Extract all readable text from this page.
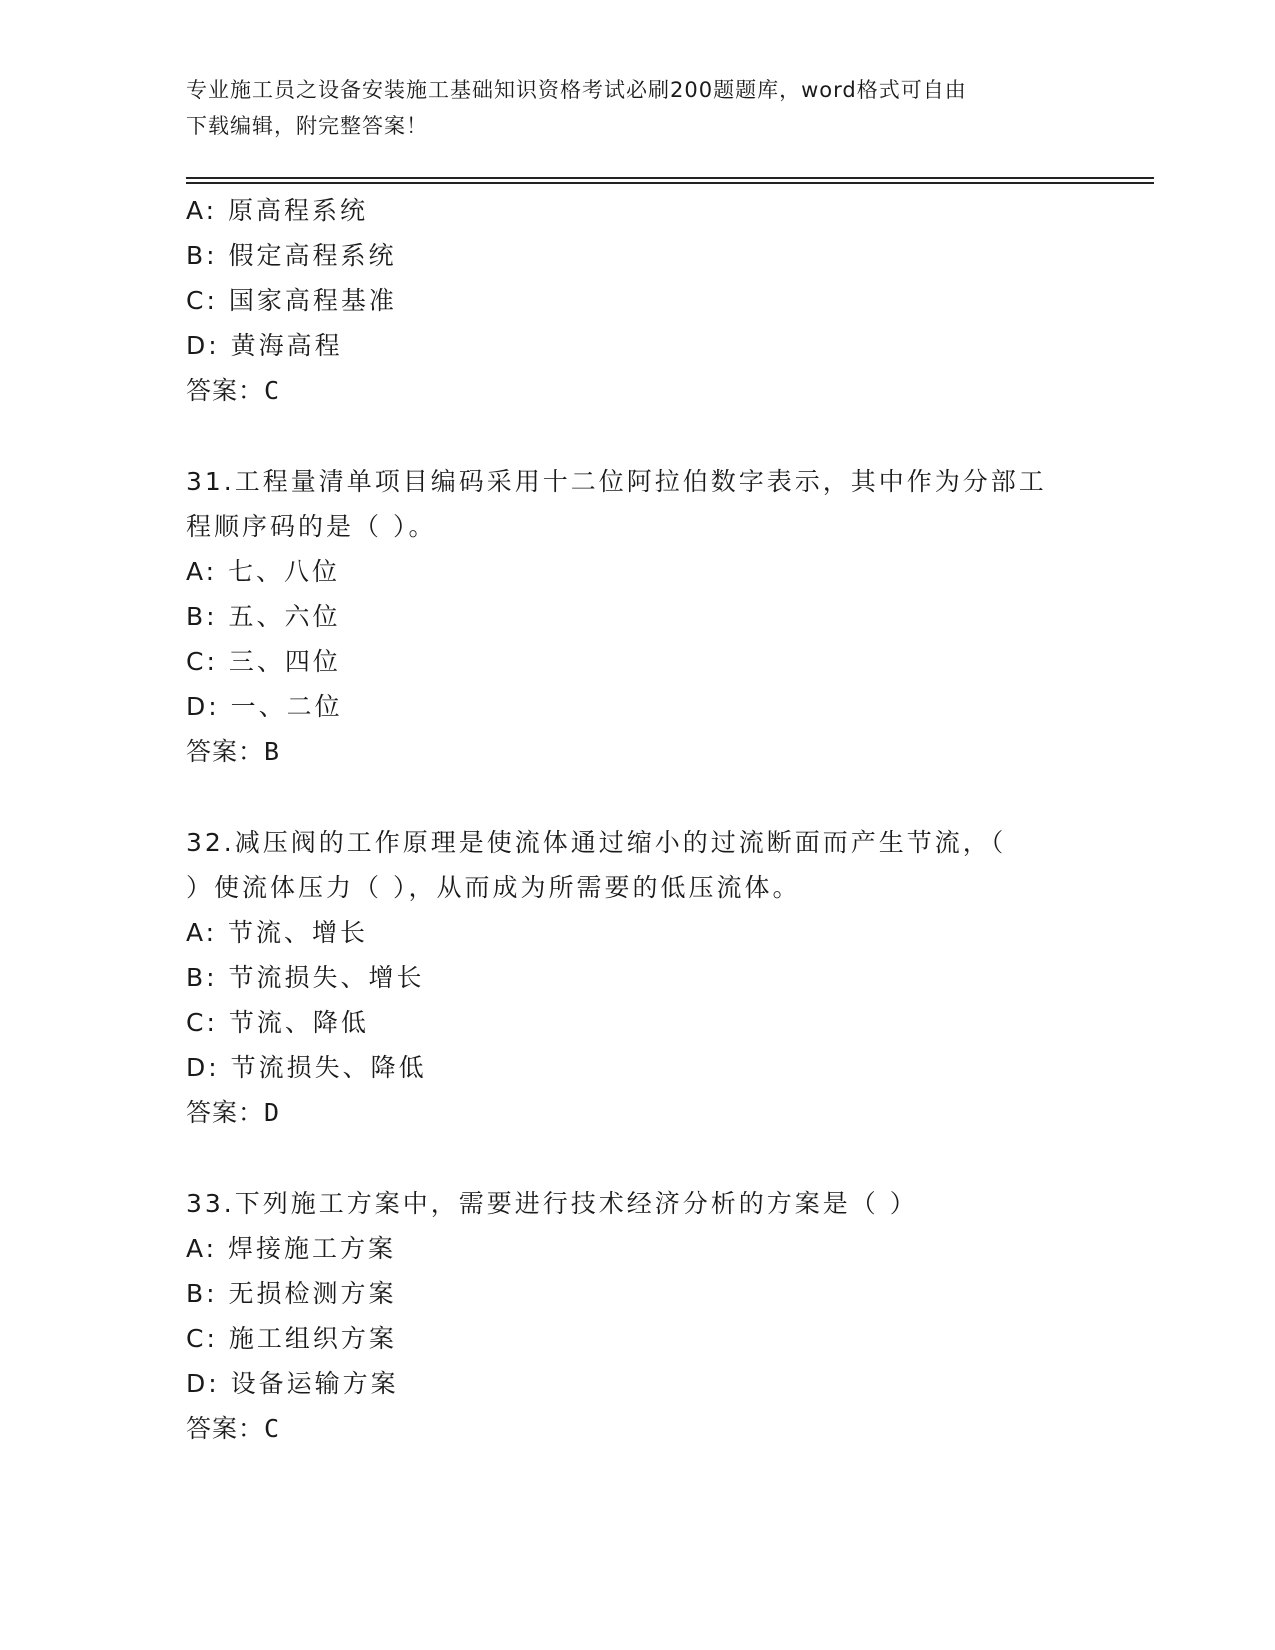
专业施工员之设备安装施工基础知识资格考试必刷200题题库，word格式可自由
下载编辑，附完整答案！
A: 原高程系统
B: 假定高程系统
C: 国家高程基准
D: 黄海高程
答案：C
31.工程量清单项目编码采用十二位阿拉伯数字表示，其中作为分部工
程顺序码的是（ ）。
A: 七、八位
B: 五、六位
C: 三、四位
D: 一、二位
答案：B
32.减压阀的工作原理是使流体通过缩小的过流断面而产生节流，（
）使流体压力（ ），从而成为所需要的低压流体。
A: 节流、增长
B: 节流损失、增长
C: 节流、降低
D: 节流损失、降低
答案：D
33.下列施工方案中，需要进行技术经济分析的方案是（ ）
A: 焊接施工方案
B: 无损检测方案
C: 施工组织方案
D: 设备运输方案
答案：C
